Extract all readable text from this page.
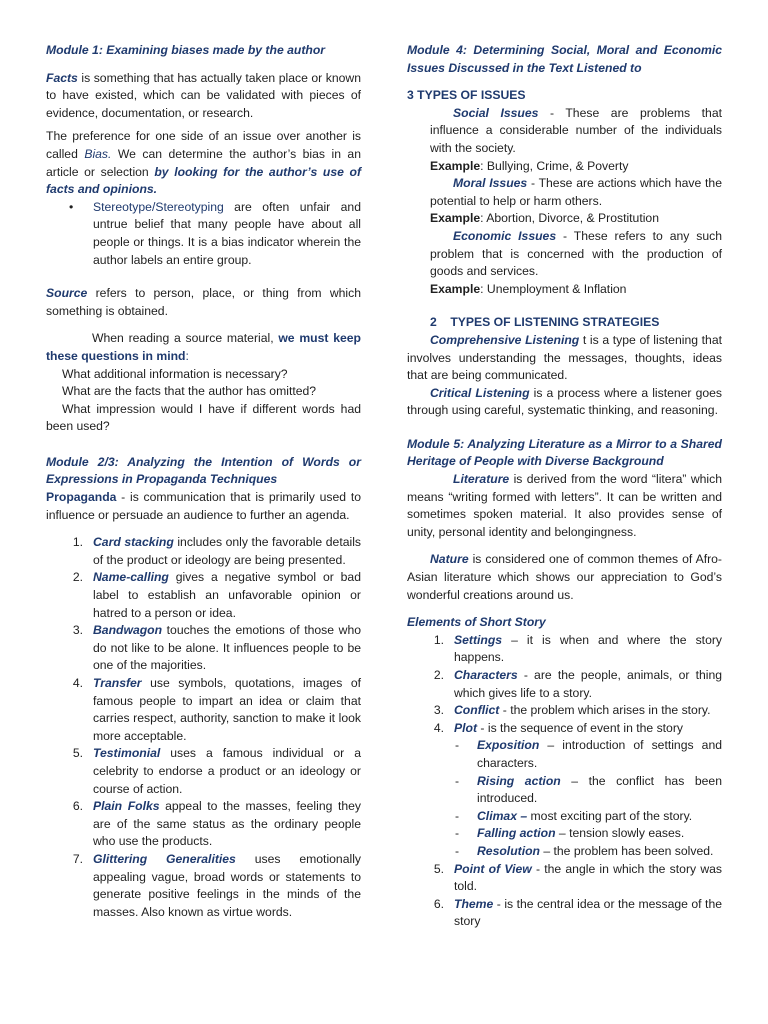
Module 1: Examining biases made by the author

Facts is something that has actually taken place or known to have existed, which can be validated with pieces of evidence, documentation, or research.

The preference for one side of an issue over another is called Bias. We can determine the author’s bias in an article or selection by looking for the author’s use of facts and opinions.

• Stereotype/Stereotyping are often unfair and untrue belief that many people have about all people or things. It is a bias indicator wherein the author labels an entire group.

Source refers to person, place, or thing from which something is obtained.

When reading a source material, we must keep these questions in mind:

What additional information is necessary?
What are the facts that the author has omitted?

What impression would I have if different words had been used?

Module 2/3: Analyzing the Intention of Words or Expressions in Propaganda Techniques

Propaganda - is communication that is primarily used to influence or persuade an audience to further an agenda.

1. Card stacking includes only the favorable details of the product or ideology are being presented.
2. Name-calling gives a negative symbol or bad label to establish an unfavorable opinion or hatred to a person or idea.
3. Bandwagon touches the emotions of those who do not like to be alone. It influences people to be one of the majorities.
4. Transfer use symbols, quotations, images of famous people to impart an idea or claim that carries respect, authority, sanction to make it look more acceptable.
5. Testimonial uses a famous individual or a celebrity to endorse a product or an ideology or course of action.
6. Plain Folks appeal to the masses, feeling they are of the same status as the ordinary people who use the products.
7. Glittering Generalities uses emotionally appealing vague, broad words or statements to generate positive feelings in the minds of the masses. Also known as virtue words.

Module 4: Determining Social, Moral and Economic Issues Discussed in the Text Listened to

3 TYPES OF ISSUES

Social Issues - These are problems that influence a considerable number of the individuals with the society.

Example: Bullying, Crime, & Poverty

Moral Issues - These are actions which have the potential to help or harm others.

Example: Abortion, Divorce, & Prostitution

Economic Issues - These refers to any such problem that is concerned with the production of goods and services.

Example: Unemployment & Inflation
2    TYPES OF LISTENING STRATEGIES

Comprehensive Listening t is a type of listening that involves understanding the messages, thoughts, ideas that are being communicated.

Critical Listening is a process where a listener goes through using careful, systematic thinking, and reasoning.

Module 5: Analyzing Literature as a Mirror to a Shared Heritage of People with Diverse Background

Literature is derived from the word “litera” which means “writing formed with letters”. It can be written and sometimes spoken material. It also provides sense of unity, personal identity and belongingness.

Nature is considered one of common themes of Afro-Asian literature which shows our appreciation to God’s wonderful creations around us.

Elements of Short Story
1. Settings – it is when and where the story happens.
2. Characters - are the people, animals, or thing which gives life to a story.
3. Conflict - the problem which arises in the story.
4. Plot - is the sequence of event in the story
- Exposition – introduction of settings and characters.
- Rising action – the conflict has been introduced.
- Climax – most exciting part of the story.
- Falling action – tension slowly eases.
- Resolution – the problem has been solved.
5. Point of View - the angle in which the story was told.
6. Theme - is the central idea or the message of the story
